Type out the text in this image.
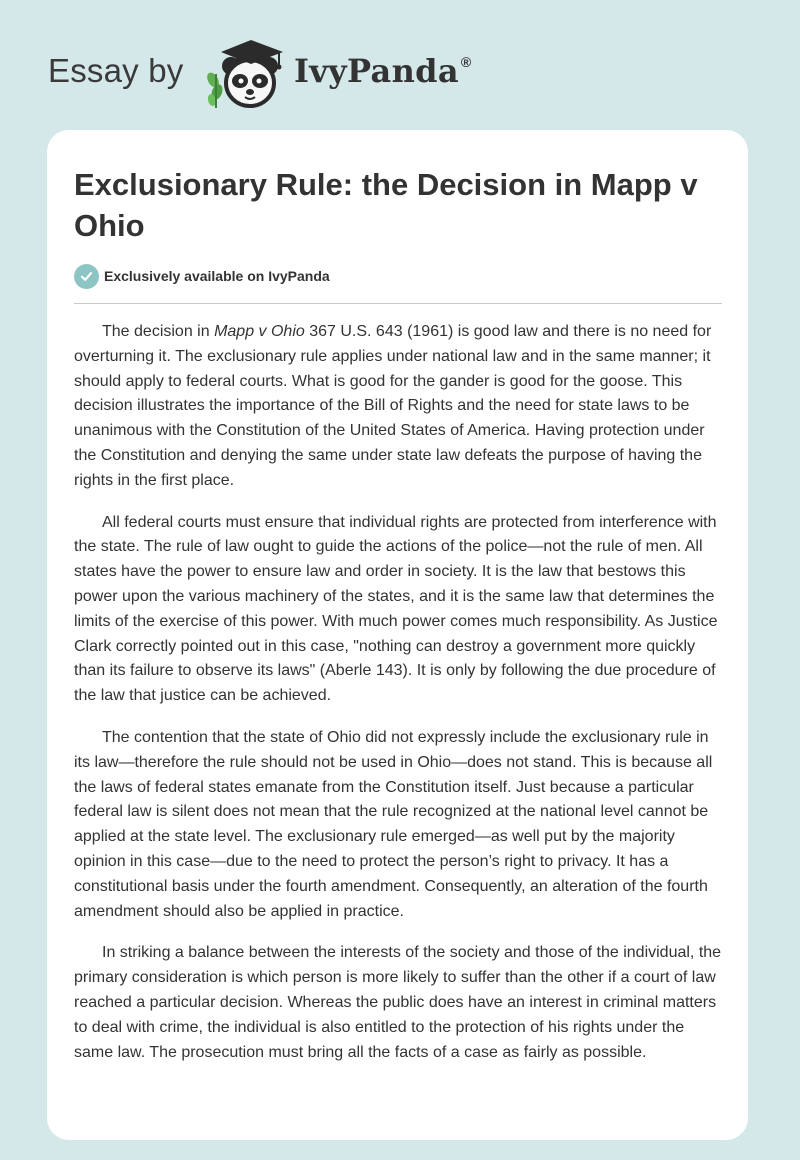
Essay by	IvyPanda ®
Exclusionary Rule: the Decision in Mapp v Ohio
Exclusively available on IvyPanda

The decision in Mapp v Ohio 367 U.S. 643 (1961) is good law and there is no need for overturning it. The exclusionary rule applies under national law and in the same manner; it should apply to federal courts. What is good for the gander is good for the goose. This decision illustrates the importance of the Bill of Rights and the need for state laws to be unanimous with the Constitution of the United States of America. Having protection under the Constitution and denying the same under state law defeats the purpose of having the rights in the first place.

All federal courts must ensure that individual rights are protected from interference with the state. The rule of law ought to guide the actions of the police—not the rule of men. All states have the power to ensure law and order in society. It is the law that bestows this power upon the various machinery of the states, and it is the same law that determines the limits of the exercise of this power. With much power comes much responsibility. As Justice Clark correctly pointed out in this case, "nothing can destroy a government more quickly than its failure to observe its laws" (Aberle 143). It is only by following the due procedure of the law that justice can be achieved.

The contention that the state of Ohio did not expressly include the exclusionary rule in its law—therefore the rule should not be used in Ohio—does not stand. This is because all the laws of federal states emanate from the Constitution itself. Just because a particular federal law is silent does not mean that the rule recognized at the national level cannot be applied at the state level. The exclusionary rule emerged—as well put by the majority opinion in this case—due to the need to protect the person’s right to privacy. It has a constitutional basis under the fourth amendment. Consequently, an alteration of the fourth amendment should also be applied in practice.

In striking a balance between the interests of the society and those of the individual, the primary consideration is which person is more likely to suffer than the other if a court of law reached a particular decision. Whereas the public does have an interest in criminal matters to deal with crime, the individual is also entitled to the protection of his rights under the same law. The prosecution must bring all the facts of a case as fairly as possible.
